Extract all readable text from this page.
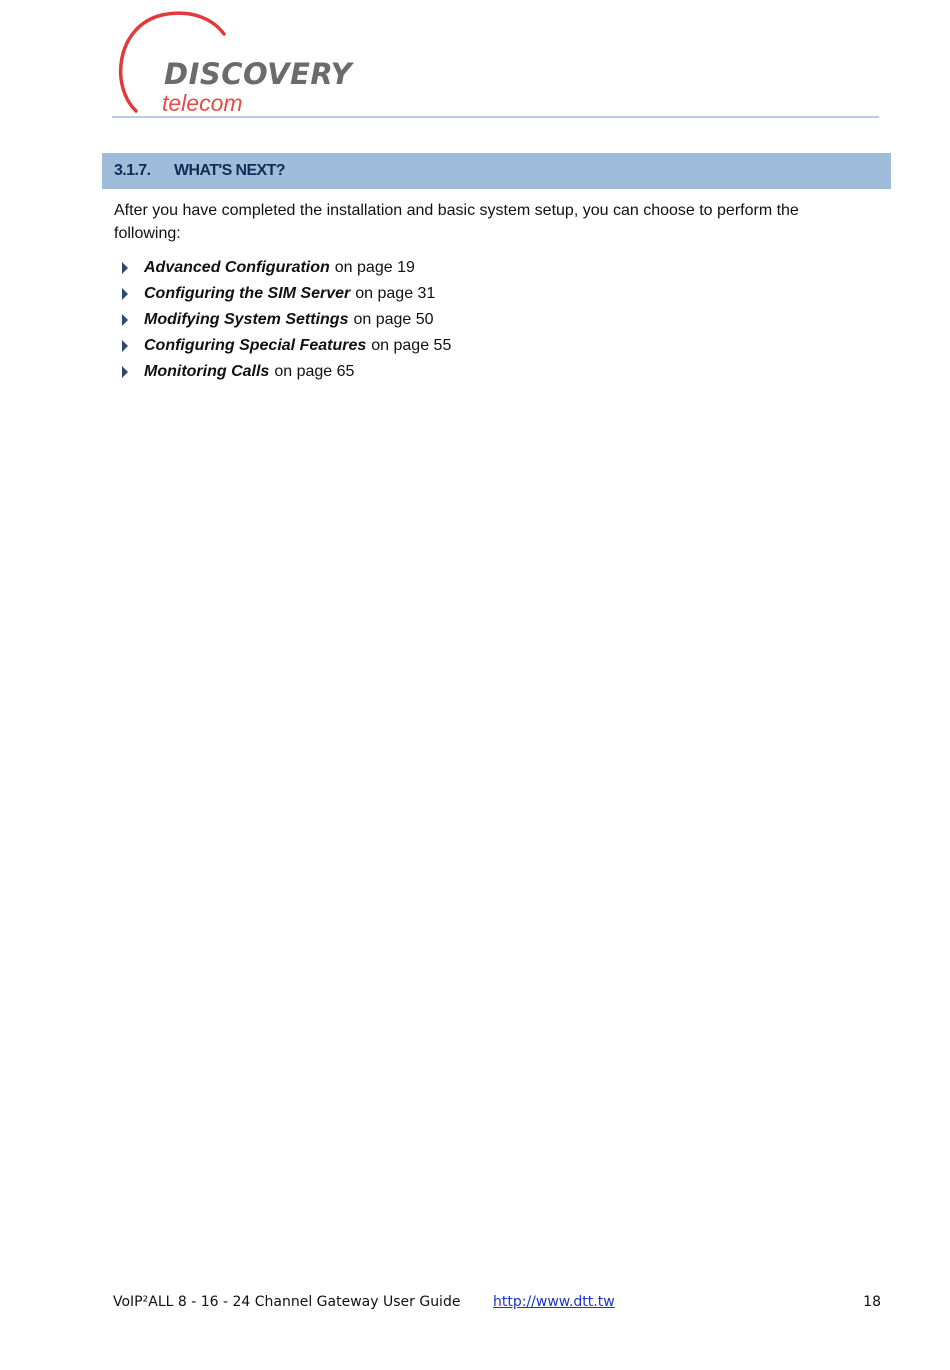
DISCOVERY
telecom
3.1.7.	WHAT'S NEXT?
After you have completed the installation and basic system setup, you can choose to perform the following:
Advanced Configuration on page 19
Configuring the SIM Server on page 31
Modifying System Settings on page 50
Configuring Special Features on page 55
Monitoring Calls on page 65
VoIP²ALL 8 - 16 - 24 Channel Gateway User Guide http://www.dtt.tw	18
